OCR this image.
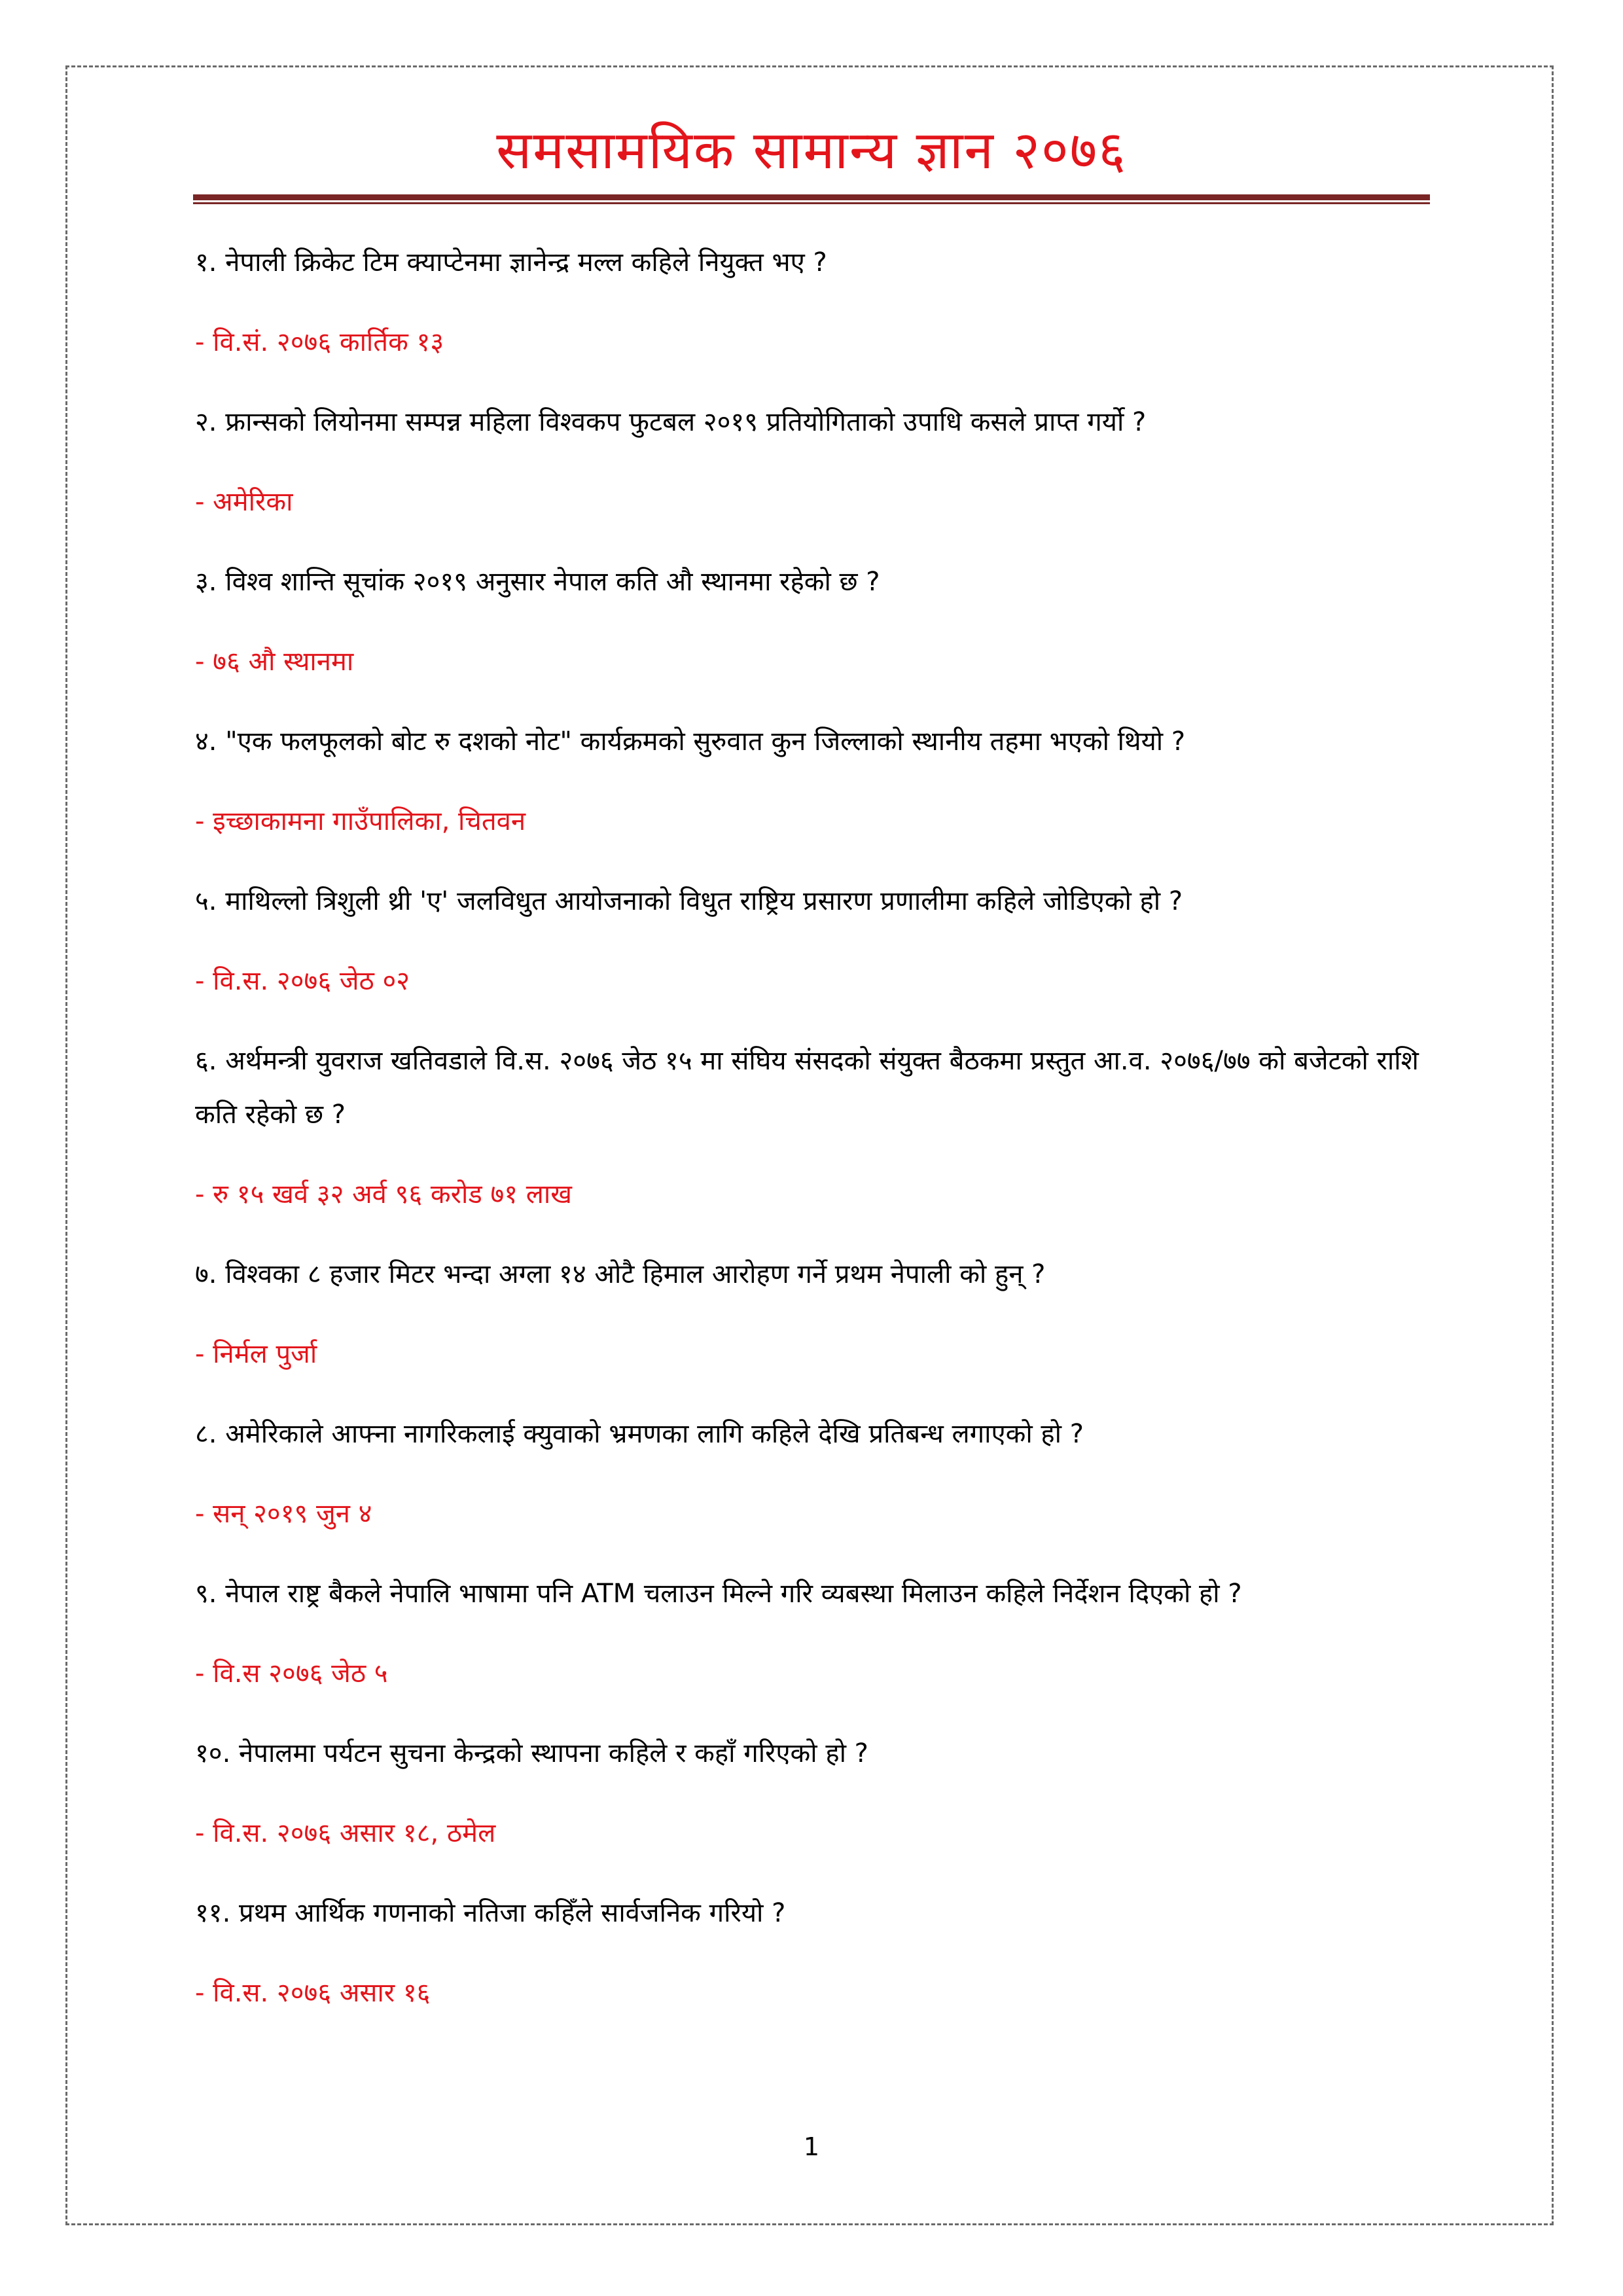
समसामयिक सामान्य ज्ञान २०७६

१. नेपाली क्रिकेट टिम क्याप्टेनमा ज्ञानेन्द्र मल्ल कहिले नियुक्त भए ?

- वि.सं. २०७६ कार्तिक १३

२. फ्रान्सको लियोनमा सम्पन्न महिला विश्वकप फुटबल २०१९ प्रतियोगिताको उपाधि कसले प्राप्त गर्यो ?

- अमेरिका

३. विश्व शान्ति सूचांक २०१९ अनुसार नेपाल कति औ स्थानमा रहेको छ ?

- ७६ औ स्थानमा

४. "एक फलफूलको बोट रु दशको नोट" कार्यक्रमको सुरुवात कुन जिल्लाको स्थानीय तहमा भएको थियो ?

- इच्छाकामना गाउँपालिका, चितवन

५. माथिल्लो त्रिशुली थ्री 'ए' जलविधुत आयोजनाको विधुत राष्ट्रिय प्रसारण प्रणालीमा कहिले जोडिएको हो ?

- वि.स. २०७६ जेठ ०२

६. अर्थमन्त्री युवराज खतिवडाले वि.स. २०७६ जेठ १५ मा संघिय संसदको संयुक्त बैठकमा प्रस्तुत आ.व. २०७६/७७ को बजेटको राशि कति रहेको छ ?

- रु १५ खर्व ३२ अर्व ९६ करोड ७१ लाख

७. विश्वका ८ हजार मिटर भन्दा अग्ला १४ ओटै हिमाल आरोहण गर्ने प्रथम नेपाली को हुन् ?

- निर्मल पुर्जा

८. अमेरिकाले आफ्ना नागरिकलाई क्युवाको भ्रमणका लागि कहिले देखि प्रतिबन्ध लगाएको हो ?

- सन् २०१९ जुन ४

९. नेपाल राष्ट्र बैकले नेपालि भाषामा पनि ATM चलाउन मिल्ने गरि व्यबस्था मिलाउन कहिले निर्देशन दिएको हो ?

- वि.स २०७६ जेठ ५

१०. नेपालमा पर्यटन सुचना केन्द्रको स्थापना कहिले र कहाँ गरिएको हो ?

- वि.स. २०७६ असार १८, ठमेल

११. प्रथम आर्थिक गणनाको नतिजा कहिँले सार्वजनिक गरियो ?

- वि.स. २०७६ असार १६

1
